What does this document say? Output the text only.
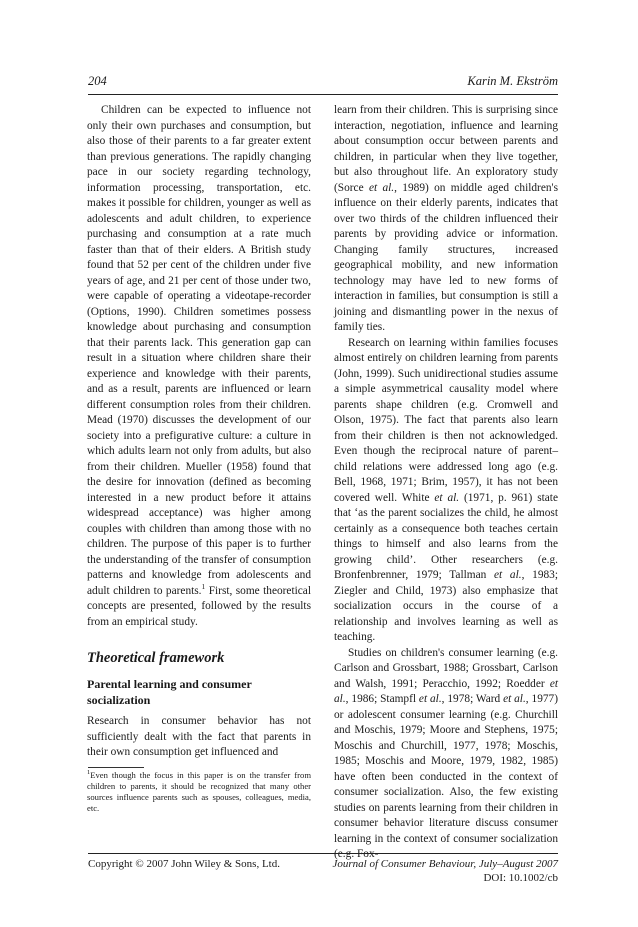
204	Karin M. Ekström

Children can be expected to influence not only their own purchases and consumption, but also those of their parents to a far greater extent than previous generations. The rapidly changing pace in our society regarding technology, information processing, transportation, etc. makes it possible for children, younger as well as adolescents and adult children, to experience purchasing and consumption at a rate much faster than that of their elders. A British study found that 52 per cent of the children under five years of age, and 21 per cent of those under two, were capable of operating a videotape-recorder (Options, 1990). Children sometimes possess knowledge about purchasing and consumption that their parents lack. This generation gap can result in a situation where children share their experience and knowledge with their parents, and as a result, parents are influenced or learn different consumption roles from their children. Mead (1970) discusses the development of our society into a prefigurative culture: a culture in which adults learn not only from adults, but also from their children. Mueller (1958) found that the desire for innovation (defined as becoming interested in a new product before it attains widespread acceptance) was higher among couples with children than among those with no children. The purpose of this paper is to further the understanding of the transfer of consumption patterns and knowledge from adolescents and adult children to parents.$^1$ First, some theoretical concepts are presented, followed by the results from an empirical study.

Theoretical framework
Parental learning and consumer socialization

Research in consumer behavior has not sufficiently dealt with the fact that parents in their own consumption get influenced and

$^1$Even though the focus in this paper is on the transfer from children to parents, it should be recognized that many other sources influence parents such as spouses, colleagues, media, etc.

learn from their children. This is surprising since interaction, negotiation, influence and learning about consumption occur between parents and children, in particular when they live together, but also throughout life. An exploratory study (Sorce et al., 1989) on middle aged children's influence on their elderly parents, indicates that over two thirds of the children influenced their parents by providing advice or information. Changing family structures, increased geographical mobility, and new information technology may have led to new forms of interaction in families, but consumption is still a joining and dismantling power in the nexus of family ties.

Research on learning within families focuses almost entirely on children learning from parents (John, 1999). Such unidirectional studies assume a simple asymmetrical causality model where parents shape children (e.g. Cromwell and Olson, 1975). The fact that parents also learn from their children is then not acknowledged. Even though the reciprocal nature of parent–child relations were addressed long ago (e.g. Bell, 1968, 1971; Brim, 1957), it has not been covered well. White et al. (1971, p. 961) state that ‘as the parent socializes the child, he almost certainly as a consequence both teaches certain things to himself and also learns from the growing child’. Other researchers (e.g. Bronfenbrenner, 1979; Tallman et al., 1983; Ziegler and Child, 1973) also emphasize that socialization occurs in the course of a relationship and involves learning as well as teaching.

Studies on children's consumer learning (e.g. Carlson and Grossbart, 1988; Grossbart, Carlson and Walsh, 1991; Peracchio, 1992; Roedder et al., 1986; Stampfl et al., 1978; Ward et al., 1977) or adolescent consumer learning (e.g. Churchill and Moschis, 1979; Moore and Stephens, 1975; Moschis and Churchill, 1977, 1978; Moschis, 1985; Moschis and Moore, 1979, 1982, 1985) have often been conducted in the context of consumer socialization. Also, the few existing studies on parents learning from their children in consumer behavior literature discuss consumer learning in the context of consumer socialization (e.g. Fox-

Copyright © 2007 John Wiley & Sons, Ltd.	Journal of Consumer Behaviour, July–August 2007
DOI: 10.1002/cb
